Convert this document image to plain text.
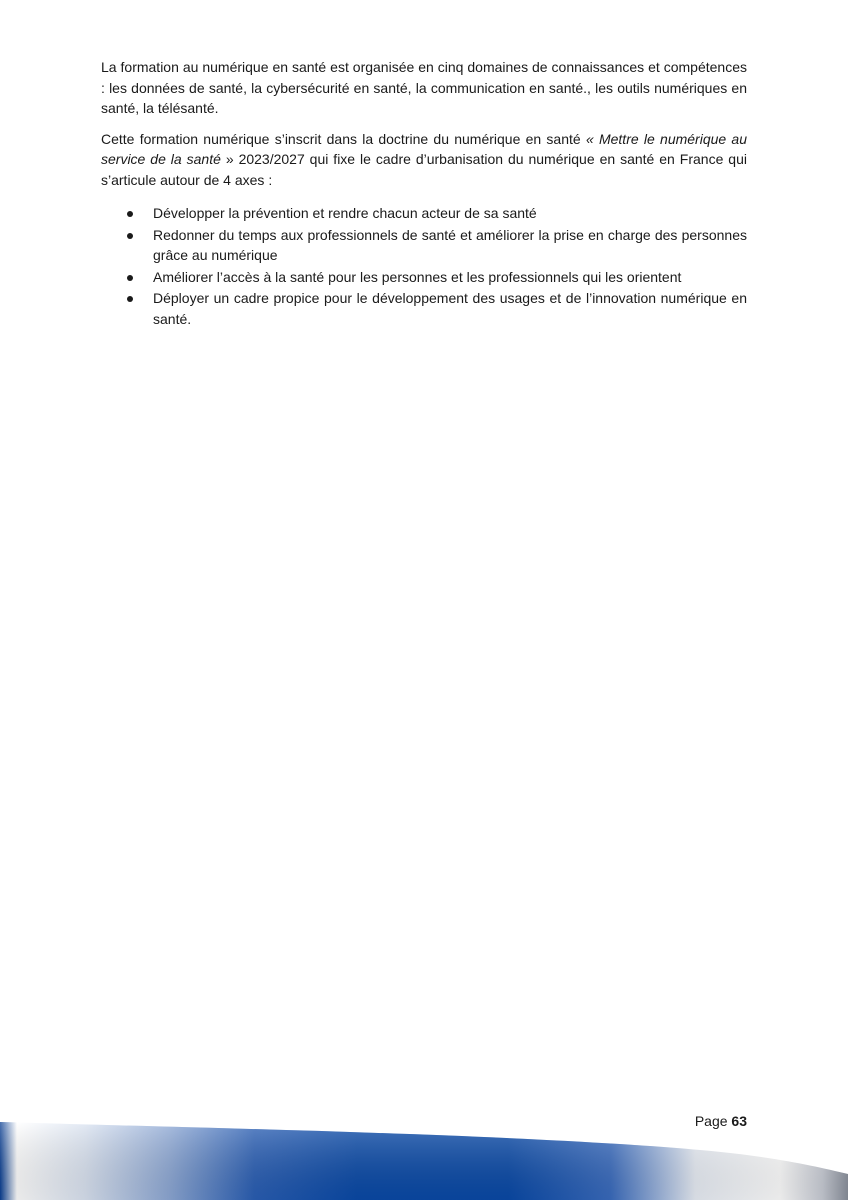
La formation au numérique en santé est organisée en cinq domaines de connaissances et compétences : les données de santé, la cybersécurité en santé, la communication en santé., les outils numériques en santé, la télésanté.

Cette formation numérique s’inscrit dans la doctrine du numérique en santé « Mettre le numérique au service de la santé » 2023/2027 qui fixe le cadre d’urbanisation du numérique en santé en France qui s’articule autour de 4 axes :

Développer la prévention et rendre chacun acteur de sa santé
Redonner du temps aux professionnels de santé et améliorer la prise en charge des personnes grâce au numérique
Améliorer l’accès à la santé pour les personnes et les professionnels qui les orientent
Déployer un cadre propice pour le développement des usages et de l’innovation numérique en santé.
Page 63
